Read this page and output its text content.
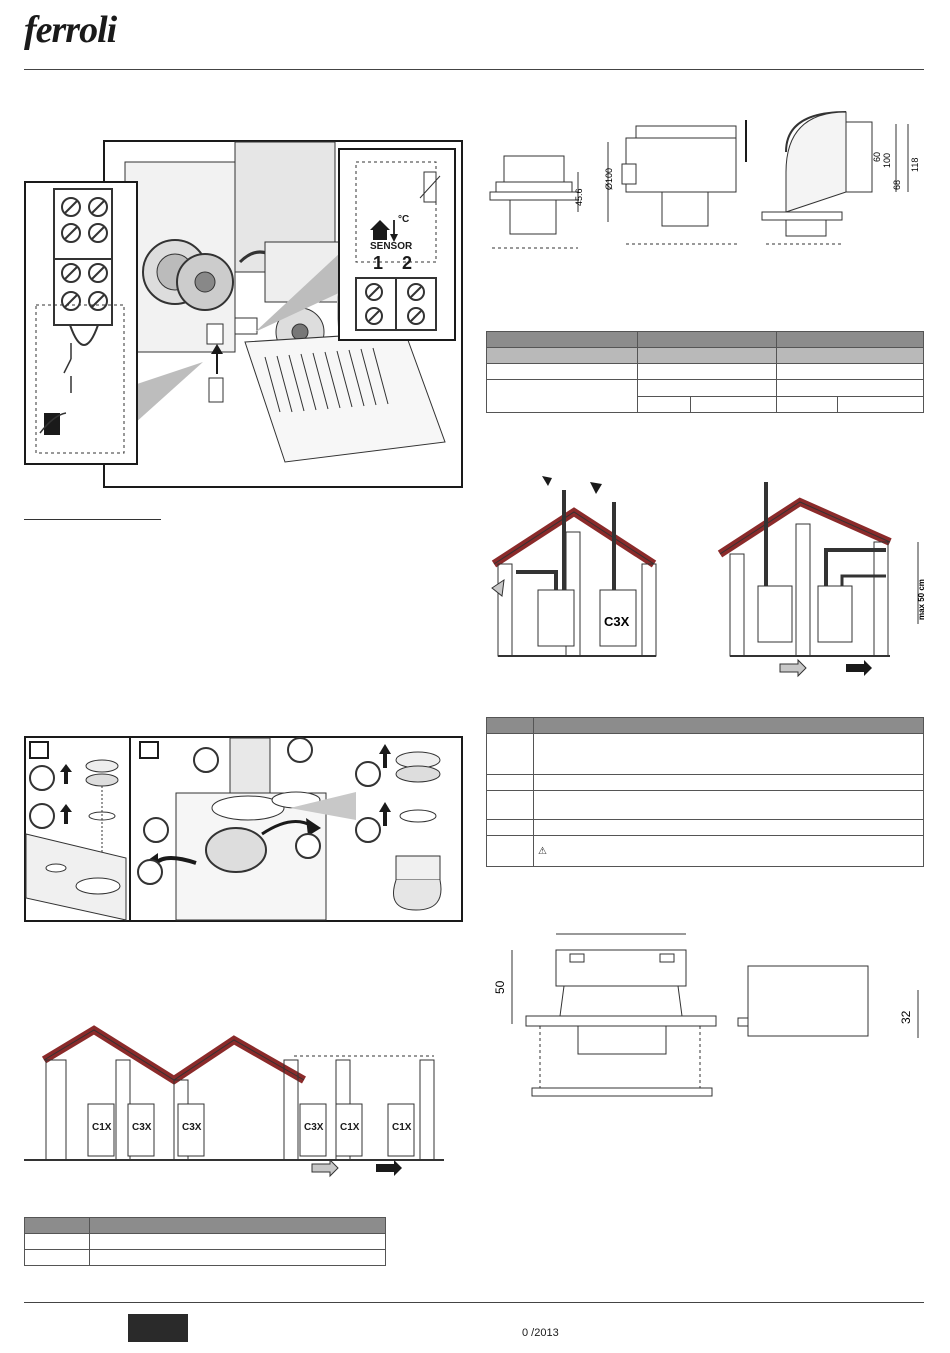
ferroli
°C
SENSOR
1 2
C1X C3X	C3X	C3X C1X	C1X

45.6
Ø100
60 100
68
118

C3X
max 50 cm

	⚠
50
32
0 /2013
